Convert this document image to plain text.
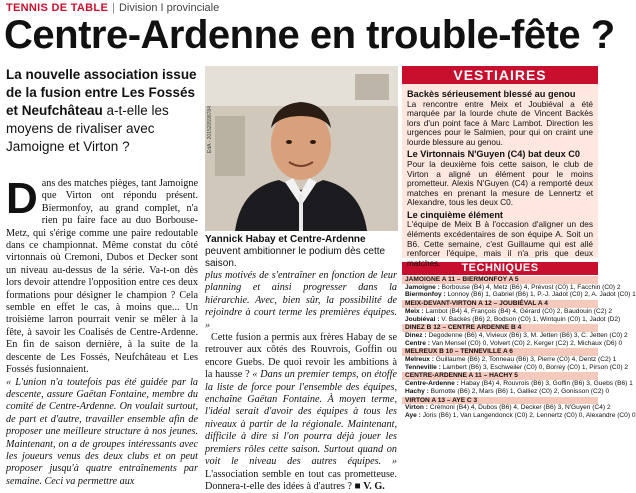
TENNIS DE TABLE | Division I provinciale
Centre-Ardenne en trouble-fête ?
La nouvelle association issue de la fusion entre Les Fossés et Neufchâteau a-t-elle les moyens de rivaliser avec Jamoigne et Virton ?

Dans des matches pièges, tant Jamoigne que Virton ont répondu présent. Biermonfoy, au grand complet, n'a rien pu faire face au duo Borbouse-Metz, qui s'érige comme une paire redoutable dans ce championnat. Même constat du côté virtonnais où Cremoni, Dubos et Decker sont un niveau au-dessus de la série. Va-t-on dès lors devoir attendre l'opposition entre ces deux formations pour désigner le champion ? Cela semble en effet le cas, à moins que... Un troisième larron pourrait venir se mêler à la fête, à savoir les Coalisés de Centre-Ardenne. En fin de saison dernière, à la suite de la descente de Les Fossés, Neufchâteau et Les Fossés fusionnaient.

« L'union n'a toutefois pas été guidée par la descente, assure Gaëtan Fontaine, membre du comité de Centre-Ardenne. On voulait surtout, de part et d'autre, travailler ensemble afin de proposer une meilleure structure à nos jeunes. Maintenant, on a de groupes intéressants avec les joueurs venus des deux clubs et on peut proposer jusqu'à quatre entraînements par semaine. Ceci va permettre aux

EdA - 201520598784
Yannick Habay et Centre-Ardenne peuvent ambitionner le podium dès cette saison.

plus motivés de s'entraîner en fonction de leur planning et ainsi progresser dans la hiérarchie. Avec, bien sûr, la possibilité de rejoindre à court terme les premières équipes. »

Cette fusion a permis aux frères Habay de se retrouver aux côtés des Rouvrois, Goffin ou encore Guebs. De quoi revoir les ambitions à la hausse ? « Dans un premier temps, on étoffe la liste de force pour l'ensemble des équipes, enchaîne Gaëtan Fontaine. À moyen terme, l'idéal serait d'avoir des équipes à tous les niveaux à partir de la régionale. Maintenant, difficile à dire si l'on pourra déjà jouer les premiers rôles cette saison. Surtout quand on voit le niveau des autres équipes. » L'association semble en tout cas prometteuse. Donnera-t-elle des idées à d'autres ? ■ V. G.

VESTIAIRES
Backès sérieusement blessé au genou

La rencontre entre Meix et Joubiéval a été marquée par la lourde chute de Vincent Backès lors d'un point face à Marc Lambot. Direction les urgences pour le Salmien, pour qui on craint une lourde blessure au genou.

Le Virtonnais N'Guyen (C4) bat deux C0

Pour la deuxième fois cette saison, le club de Virton a aligné un élément pour le moins prometteur. Alexis N'Guyen (C4) a remporté deux matches en prenant la mesure de Lennertz et Alexandre, tous les deux C0.

Le cinquième élément

L'équipe de Meix B à l'occasion d'aligner un des éléments excédentaires de son équipe A. Soit un B6. Cette semaine, c'est Guillaume qui est allé renforcer l'équipe, mais il n'a pris que deux matches.	TECHNIQUES
JAMOIGNE A 11 – BIERMONFOY A 5
Jamoigne : Borbouse (B4) 4, Metz (B6) 4, Prévost (C0) 1, Facchin (C0) 2
Biermonfoy : Lonnoy (B6) 1, Gabriel (B6) 1, P.-J. Jadot (C0) 2, A. Jadot (C0) 1
MEIX-DEVANT-VIRTON A 12 – JOUBIÉVAL A 4
Meix : Lambot (B4) 4, François (B4) 4, Gérard (C0) 2, Baudouin (C2) 2
Joubiéval : V. Backès (B6) 2, Bodson (C0) 1, Wintquin (C0) 1, Jadot (D2)
DINEZ B 12 – CENTRE ARDENNE B 4
Dinez : Degodenne (B6) 4, Vivieux (B6) 3, M. Jetten (B6) 3, C. Jetten (C0) 2
Centre : Van Mensel (C0) 0, Volvert (C0) 2, Kerger (C2) 2, Michaux (D6) 0
MELREUX B 10 – TENNEVILLE A 6
Melreux : Guillaume (B6) 2, Tonneau (B6) 3, Pierre (C0) 4, Dentz (C2) 1
Tenneville : Lambert (B6) 3, Eschweiler (C0) 0, Borrey (C0) 1, Pirson (C0) 2
CENTRE-ARDENNE A 11 – HACHY 5
Centre-Ardenne : Habay (B4) 4, Rouvrois (B6) 3, Goffin (B6) 3, Guebs (B6) 1
Hachy : Burnotte (B6) 2, Mars (B6) 1, Galliez (C0) 2, Gonisson (C2) 0
VIRTON A 13 – AYE C 3
Virton : Crémoni (B4) 4, Dubos (B6) 4, Decker (B6) 3, N'Guyen (C4) 2
Aye : Joris (B6) 1, Van Langendonck (C0) 2, Lennertz (C0) 0, Alexandre (C0) 0
